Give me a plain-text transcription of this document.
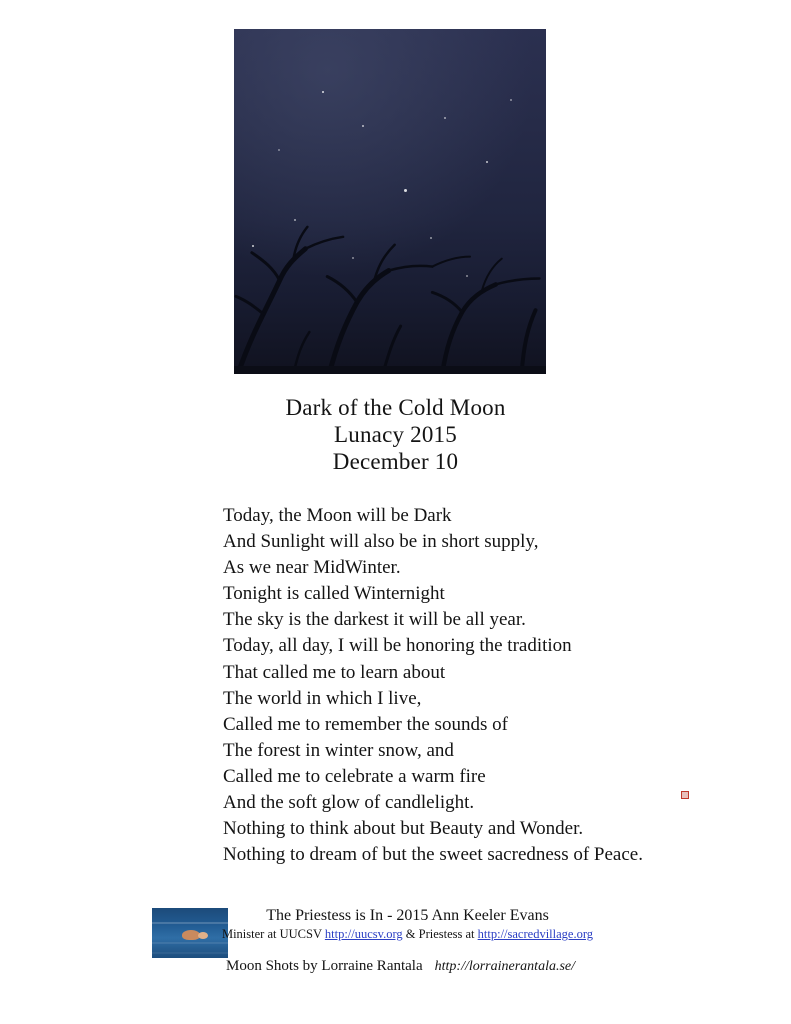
Dark of the Cold Moon
Lunacy 2015
December 10
Today, the Moon will be Dark
And Sunlight will also be in short supply,
As we near MidWinter.
Tonight is called Winternight
The sky is the darkest it will be all year.
Today, all day, I will be honoring the tradition
That called me to learn about
The world in which I live,
Called me to remember the sounds of
The forest in winter snow, and
Called me to celebrate a warm fire
And the soft glow of candlelight.
Nothing to think about but Beauty and Wonder.
Nothing to dream of but the sweet sacredness of Peace.
The Priestess is In - 2015 Ann Keeler Evans
Minister at UUCSV http://uucsv.org & Priestess at http://sacredvillage.org
Moon Shots by Lorraine Rantala http://lorrainerantala.se/
